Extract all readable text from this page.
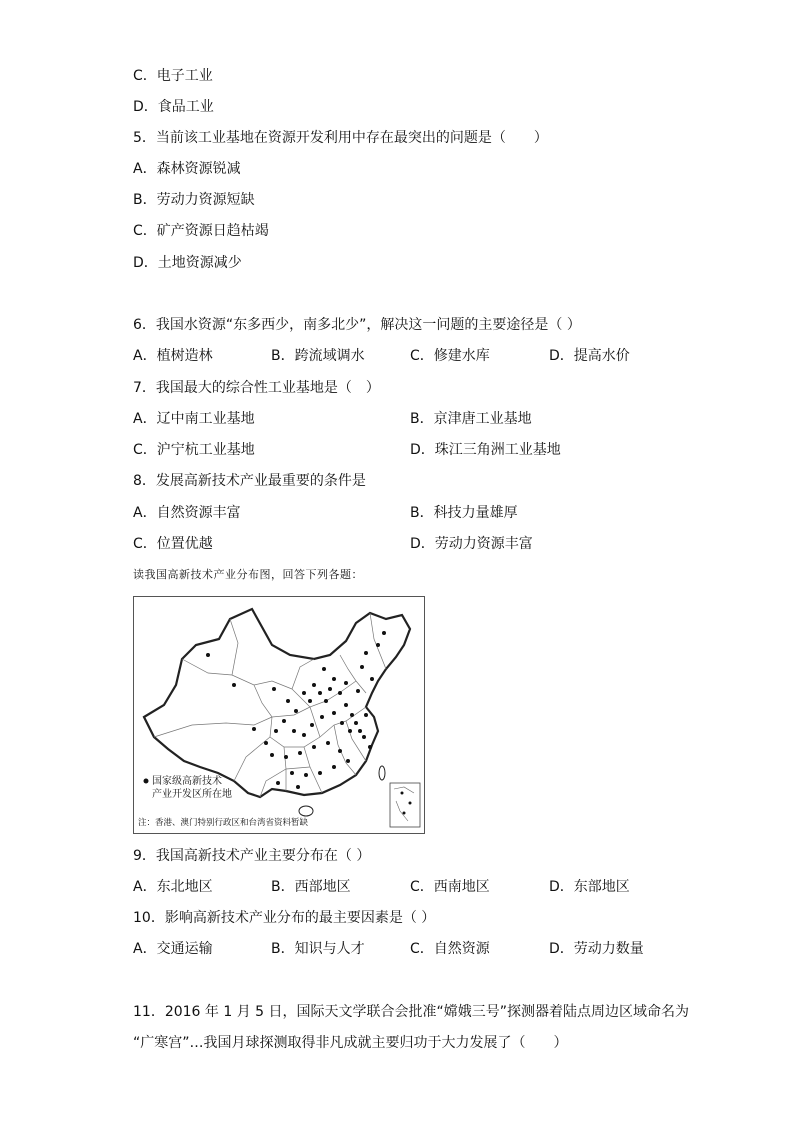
C．电子工业
D．食品工业
5．当前该工业基地在资源开发利用中存在最突出的问题是（　　）
A．森林资源锐减
B．劳动力资源短缺
C．矿产资源日趋枯竭
D．土地资源减少
6．我国水资源“东多西少，南多北少”，解决这一问题的主要途径是（ ）
A．植树造林	B．跨流域调水	C．修建水库	D．提高水价
7．我国最大的综合性工业基地是（　）
A．辽中南工业基地	B．京津唐工业基地
C．沪宁杭工业基地	D．珠江三角洲工业基地
8．发展高新技术产业最重要的条件是
A．自然资源丰富	B．科技力量雄厚
C．位置优越	D．劳动力资源丰富
读我国高新技术产业分布图，回答下列各题：
国家级高新技术
产业开发区所在地
注：香港、澳门特别行政区和台湾省资料暂缺
9．我国高新技术产业主要分布在（ ）
A．东北地区	B．西部地区	C．西南地区	D．东部地区
10．影响高新技术产业分布的最主要因素是（ ）
A．交通运输	B．知识与人才	C．自然资源	D．劳动力数量
11．2016 年 1 月 5 日，国际天文学联合会批准“嫦娥三号”探测器着陆点周边区域命名为
“广寒宫”…我国月球探测取得非凡成就主要归功于大力发展了（　　）
